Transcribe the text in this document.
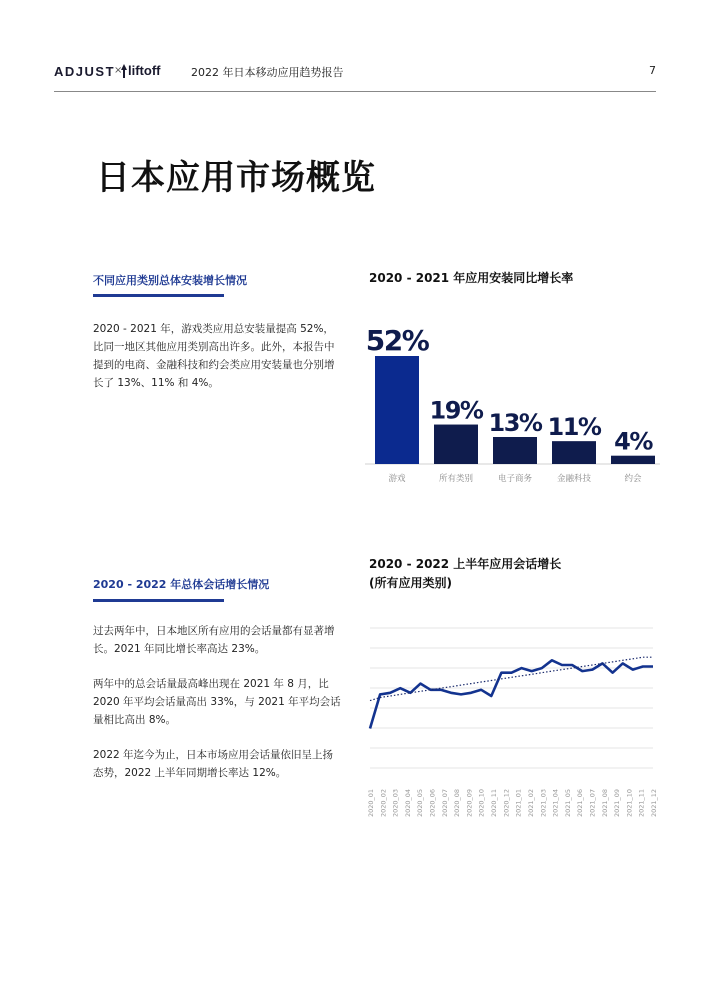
ADJUST
× liftoff	2022 年日本移动应用趋势报告	7
日本应用市场概览
不同应用类别总体安装增长情况
2020 - 2021 年，游戏类应用总安装量提高 52%，比同一地区其他应用类别高出许多。此外，本报告中提到的电商、金融科技和约会类应用安装量也分别增长了 13%、11% 和 4%。
2020 - 2021 年应用安装同比增长率
52%
游戏
19%
所有类别
13%
电子商务
11%
金融科技
4%
约会
2020 - 2022 年总体会话增长情况
过去两年中，日本地区所有应用的会话量都有显著增长。2021 年同比增长率高达 23%。
两年中的总会话量最高峰出现在 2021 年 8 月，比 2020 年平均会话量高出 33%，与 2021 年平均会话量相比高出 8%。
2022 年迄今为止，日本市场应用会话量依旧呈上扬态势，2022 上半年同期增长率达 12%。
2020 - 2022 上半年应用会话增长
(所有应用类别)
2020_01 2020_02 2020_03 2020_04 2020_05 2020_06 2020_07 2020_08 2020_09 2020_10 2020_11 2020_12 2021_01 2021_02 2021_03 2021_04 2021_05 2021_06 2021_07 2021_08 2021_09 2021_10 2021_11 2021_12
